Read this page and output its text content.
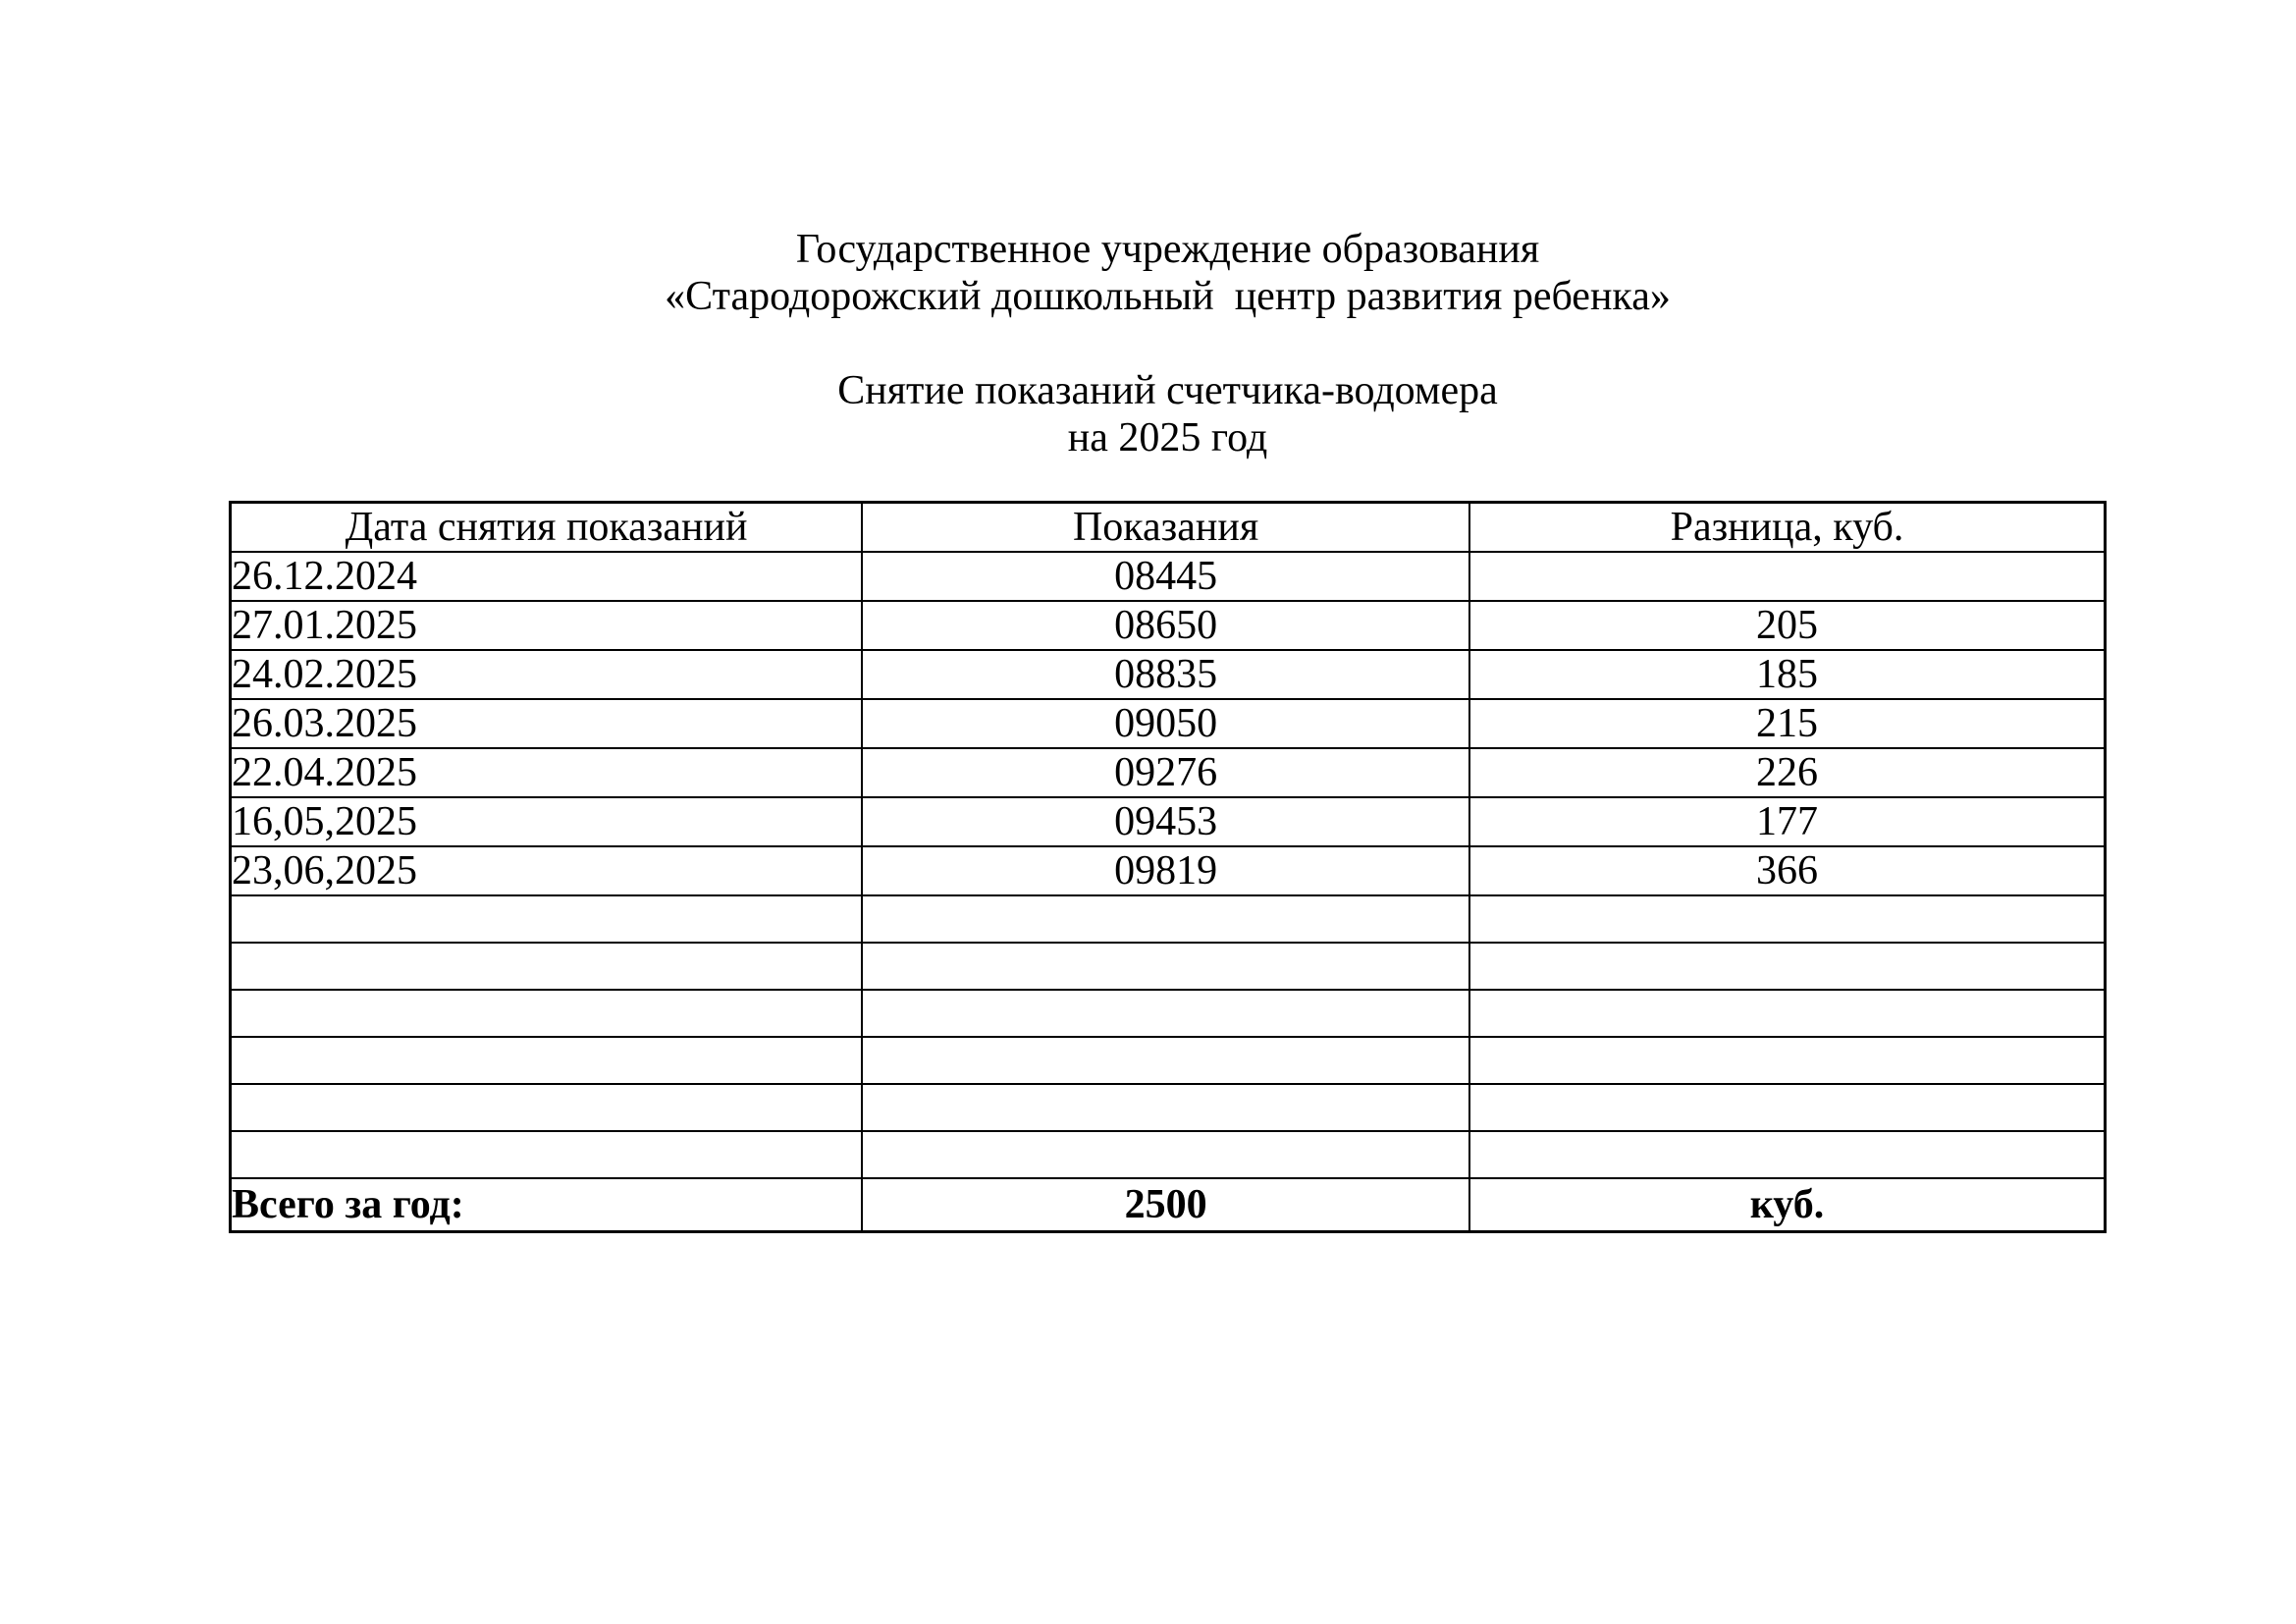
Государственное учреждение образования

«Стародорожский дошкольный  центр развития ребенка»

Снятие показаний счетчика-водомера

на 2025 год

Дата снятия показаний	Показания	Разница, куб.
26.12.2024	08445	
27.01.2025	08650	205
24.02.2025	08835	185
26.03.2025	09050	215
22.04.2025	09276	226
16,05,2025	09453	177
23,06,2025	09819	366

Всего за год:	2500	куб.
